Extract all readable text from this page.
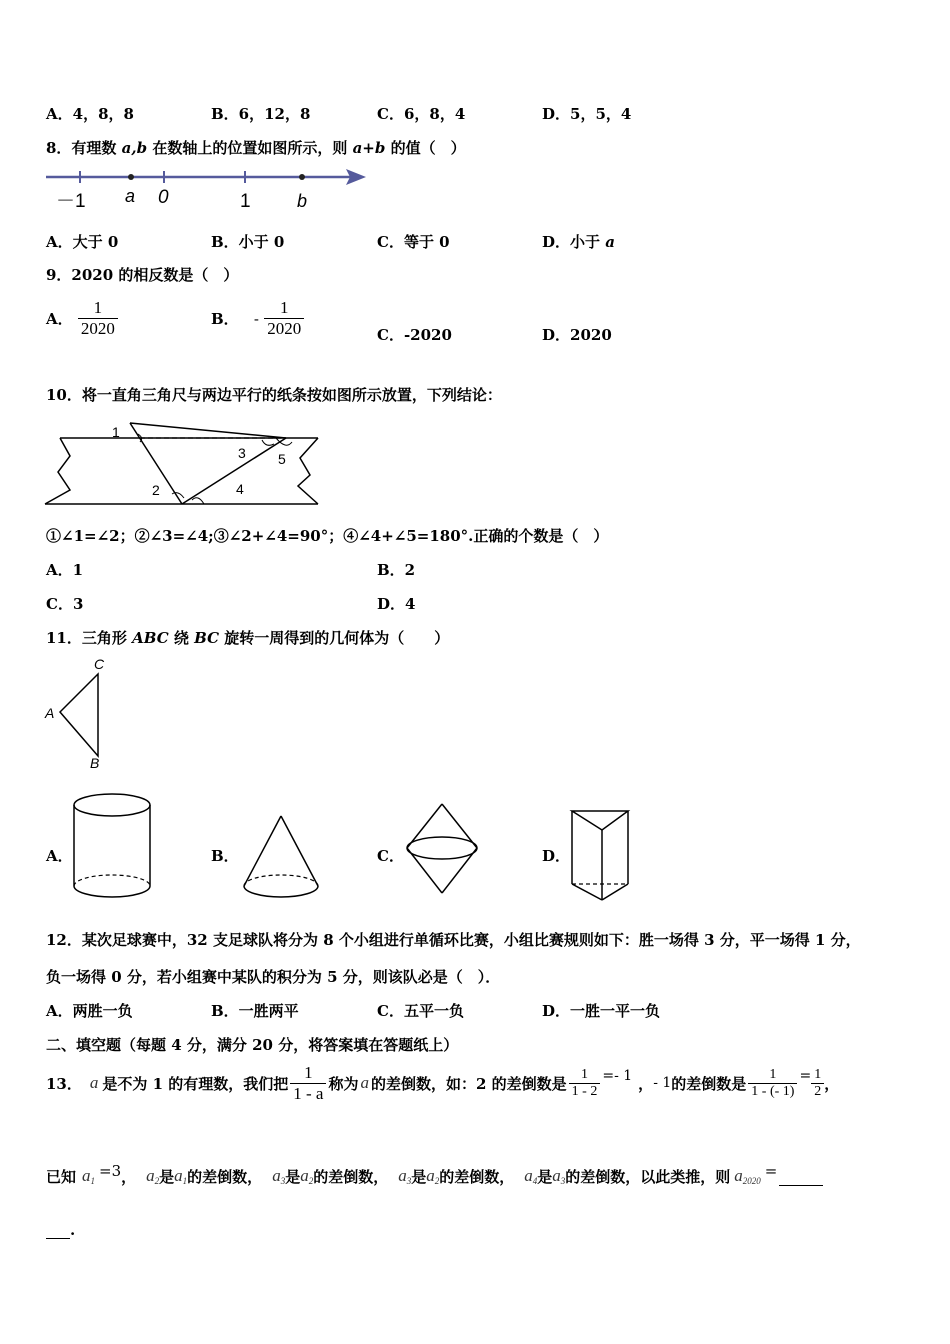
A．4，8，8	B．6，12，8	C．6，8，4	D．5，5，4
8．有理数 a,b 在数轴上的位置如图所示，则 a+b 的值（　）
－1 a 0	1	b
A．大于 0	B．小于 0	C．等于 0	D．小于 a
9．2020 的相反数是（　）
A． $\frac{1}{2020}$	B． - $\frac{1}{2020}$	C．-2020	D．2020
10．将一直角三角尺与两边平行的纸条按如图所示放置，下列结论：
1
2
3
4
5
①∠1=∠2；②∠3=∠4;③∠2+∠4=90°；④∠4+∠5=180°.正确的个数是（　）
A．1	B．2
C．3	D．4
11．三角形 ABC 绕 BC 旋转一周得到的几何体为（　　）
C
A
B
A．	B．	C．	D．
12．某次足球赛中，32 支足球队将分为 8 个小组进行单循环比赛，小组比赛规则如下：胜一场得 3 分，平一场得 1 分，
负一场得 0 分，若小组赛中某队的积分为 5 分，则该队必是（　）．
A．两胜一负	B．一胜两平	C．五平一负	D．一胜一平一负
二、填空题（每题 4 分，满分 20 分，将答案填在答题纸上）
13． a 是不为 1 的有理数，我们把 $\frac{1}{1 - a}$ 称为 a 的差倒数，如：2 的差倒数是 $\frac{1}{1 - 2} =- 1$ ， - 1 的差倒数是 $\frac{1}{1 - (- 1)} = \frac{1}{2}$ ，
已知 $a_1$
=3 ， $a_2$ 是 $a_1$ 的差倒数， $a_3$ 是 $a_2$ 的差倒数， $a_3$ 是 $a_2$ 的差倒数， $a_4$ 是 $a_3$ 的差倒数，以此类推，则 $a_{2020}$
=
.
